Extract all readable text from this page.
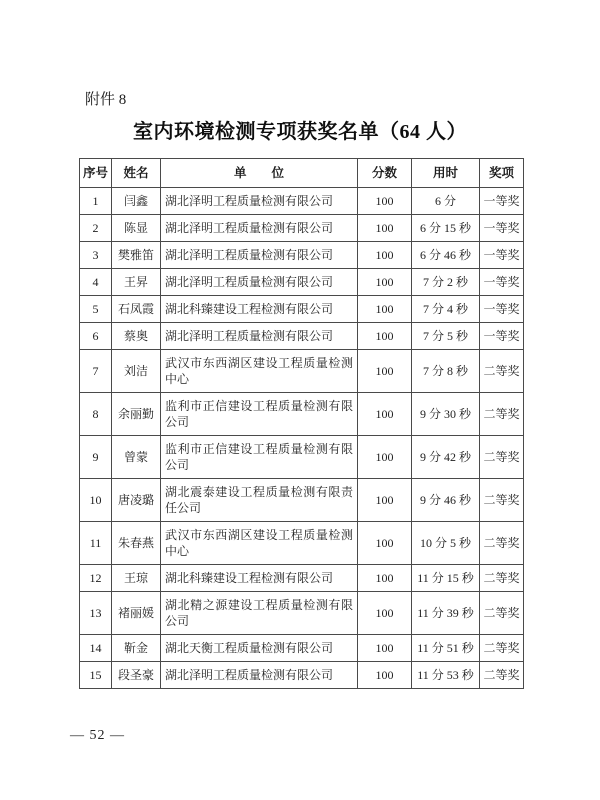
附件 8
室内环境检测专项获奖名单（64 人）
序号	姓名	单　　位	分数	用时	奖项
1	闫鑫	湖北泽明工程质量检测有限公司	100	6 分	一等奖
2	陈显	湖北泽明工程质量检测有限公司	100	6 分 15 秒	一等奖
3	樊雅笛	湖北泽明工程质量检测有限公司	100	6 分 46 秒	一等奖
4	王昇	湖北泽明工程质量检测有限公司	100	7 分 2 秒	一等奖
5	石凤霞	湖北科臻建设工程检测有限公司	100	7 分 4 秒	一等奖
6	蔡奥	湖北泽明工程质量检测有限公司	100	7 分 5 秒	一等奖
7	刘洁	武汉市东西湖区建设工程质量检测中心	100	7 分 8 秒	二等奖
8	余丽勤	监利市正信建设工程质量检测有限公司	100	9 分 30 秒	二等奖
9	曾蒙	监利市正信建设工程质量检测有限公司	100	9 分 42 秒	二等奖
10	唐凌璐	湖北震泰建设工程质量检测有限责任公司	100	9 分 46 秒	二等奖
11	朱春燕	武汉市东西湖区建设工程质量检测中心	100	10 分 5 秒	二等奖
12	王琼	湖北科臻建设工程检测有限公司	100	11 分 15 秒	二等奖
13	褚丽媛	湖北精之源建设工程质量检测有限公司	100	11 分 39 秒	二等奖
14	靳金	湖北天衡工程质量检测有限公司	100	11 分 51 秒	二等奖
15	段圣豪	湖北泽明工程质量检测有限公司	100	11 分 53 秒	二等奖
— 52 —
